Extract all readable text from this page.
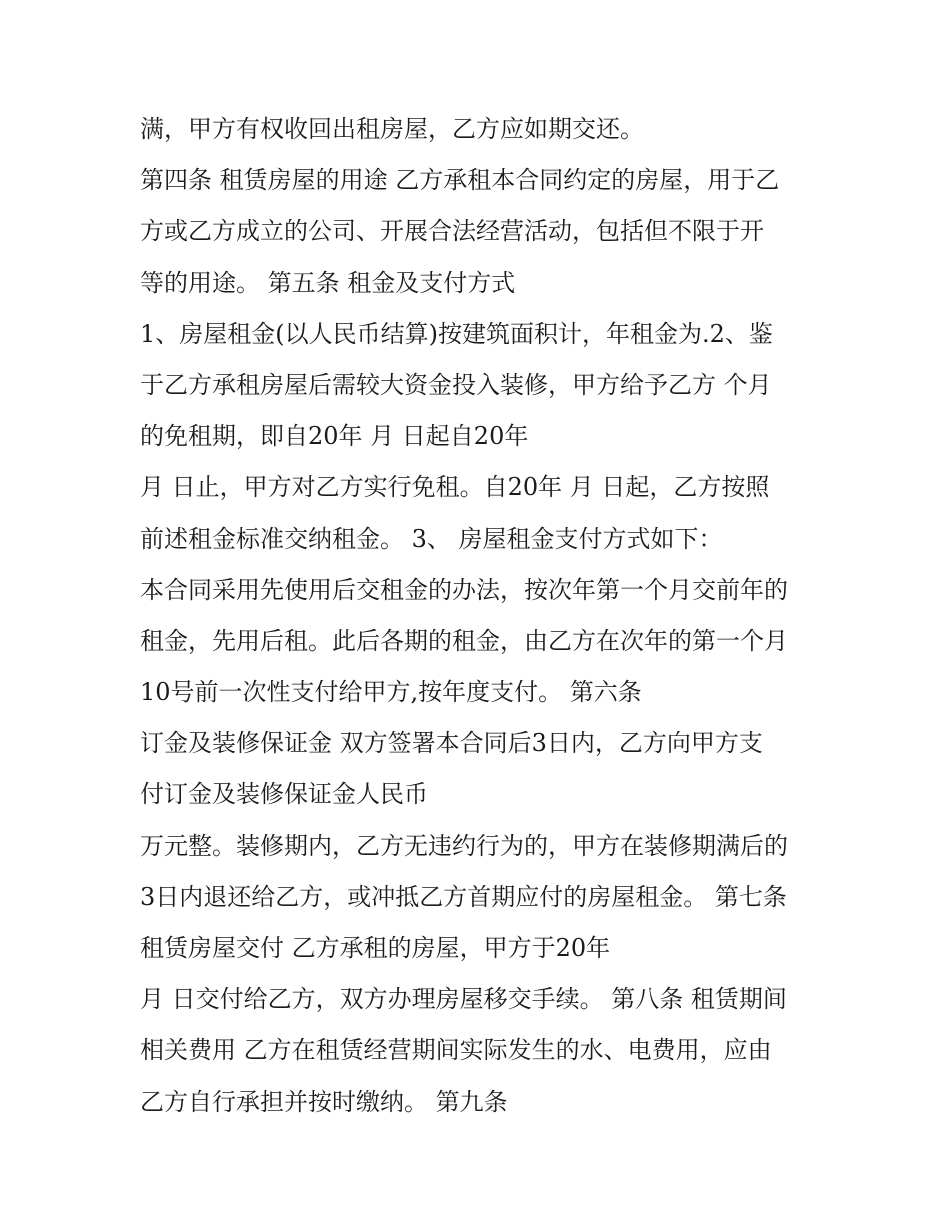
满，甲方有权收回出租房屋，乙方应如期交还。
第四条 租赁房屋的用途 乙方承租本合同约定的房屋，用于乙
方或乙方成立的公司、开展合法经营活动，包括但不限于开
等的用途。 第五条 租金及支付方式
1、房屋租金(以人民币结算)按建筑面积计，年租金为.2、鉴
于乙方承租房屋后需较大资金投入装修，甲方给予乙方 个月
的免租期，即自20年 月 日起自20年
月 日止，甲方对乙方实行免租。自20年 月 日起，乙方按照
前述租金标准交纳租金。 3、 房屋租金支付方式如下：
本合同采用先使用后交租金的办法，按次年第一个月交前年的
租金，先用后租。此后各期的租金，由乙方在次年的第一个月
10号前一次性支付给甲方,按年度支付。 第六条
订金及装修保证金 双方签署本合同后3日内，乙方向甲方支
付订金及装修保证金人民币
万元整。装修期内，乙方无违约行为的，甲方在装修期满后的
3日内退还给乙方，或冲抵乙方首期应付的房屋租金。 第七条
租赁房屋交付 乙方承租的房屋，甲方于20年
月 日交付给乙方，双方办理房屋移交手续。 第八条 租赁期间
相关费用 乙方在租赁经营期间实际发生的水、电费用，应由
乙方自行承担并按时缴纳。 第九条
